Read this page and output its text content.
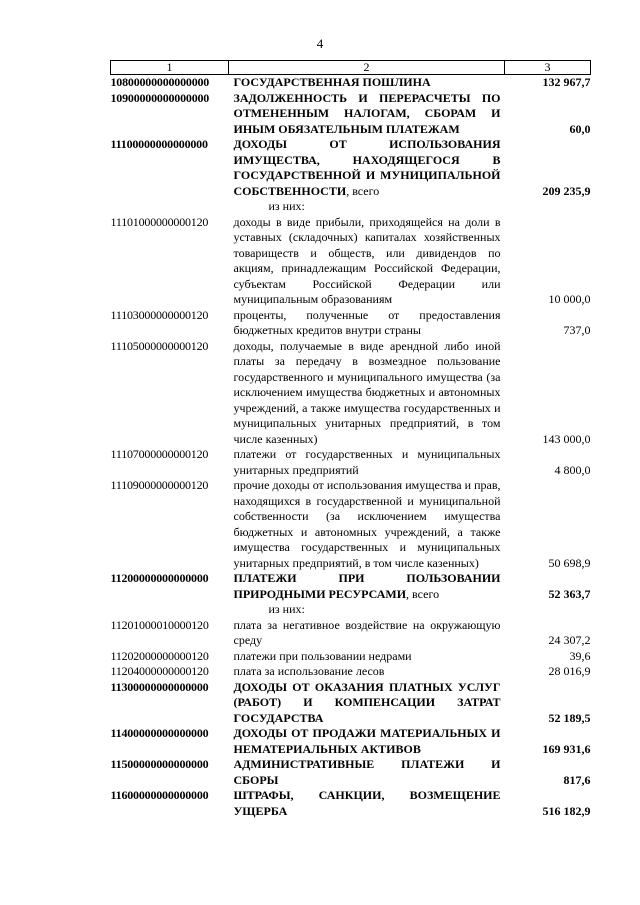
4
1	2	3
10800000000000000	ГОСУДАРСТВЕННАЯ ПОШЛИНА	132 967,7
10900000000000000	ЗАДОЛЖЕННОСТЬ И ПЕРЕРАСЧЕТЫ ПО ОТМЕНЕННЫМ НАЛОГАМ, СБОРАМ И ИНЫМ ОБЯЗАТЕЛЬНЫМ ПЛАТЕЖАМ	60,0
11100000000000000	ДОХОДЫ ОТ ИСПОЛЬЗОВАНИЯ ИМУЩЕСТВА, НАХОДЯЩЕГОСЯ В ГОСУДАРСТВЕННОЙ И МУНИЦИПАЛЬНОЙ СОБСТВЕННОСТИ, всего	209 235,9
	из них:	
11101000000000120	доходы в виде прибыли, приходящейся на доли в уставных (складочных) капиталах хозяйственных товариществ и обществ, или дивидендов по акциям, принадлежащим Российской Федерации, субъектам Российской Федерации или муниципальным образованиям	10 000,0
11103000000000120	проценты, полученные от предоставления бюджетных кредитов внутри страны	737,0
11105000000000120	доходы, получаемые в виде арендной либо иной платы за передачу в возмездное пользование государственного и муниципального имущества (за исключением имущества бюджетных и автономных учреждений, а также имущества государственных и муниципальных унитарных предприятий, в том числе казенных)	143 000,0
11107000000000120	платежи от государственных и муниципальных унитарных предприятий	4 800,0
11109000000000120	прочие доходы от использования имущества и прав, находящихся в государственной и муниципальной собственности (за исключением имущества бюджетных и автономных учреждений, а также имущества государственных и муниципальных унитарных предприятий, в том числе казенных)	50 698,9
11200000000000000	ПЛАТЕЖИ ПРИ ПОЛЬЗОВАНИИ ПРИРОДНЫМИ РЕСУРСАМИ, всего	52 363,7
	из них:	
11201000010000120	плата за негативное воздействие на окружающую среду	24 307,2
11202000000000120	платежи при пользовании недрами	39,6
11204000000000120	плата за использование лесов	28 016,9
11300000000000000	ДОХОДЫ ОТ ОКАЗАНИЯ ПЛАТНЫХ УСЛУГ (РАБОТ) И КОМПЕНСАЦИИ ЗАТРАТ ГОСУДАРСТВА	52 189,5
11400000000000000	ДОХОДЫ ОТ ПРОДАЖИ МАТЕРИАЛЬНЫХ И НЕМАТЕРИАЛЬНЫХ АКТИВОВ	169 931,6
11500000000000000	АДМИНИСТРАТИВНЫЕ ПЛАТЕЖИ И СБОРЫ	817,6
11600000000000000	ШТРАФЫ, САНКЦИИ, ВОЗМЕЩЕНИЕ УЩЕРБА	516 182,9
